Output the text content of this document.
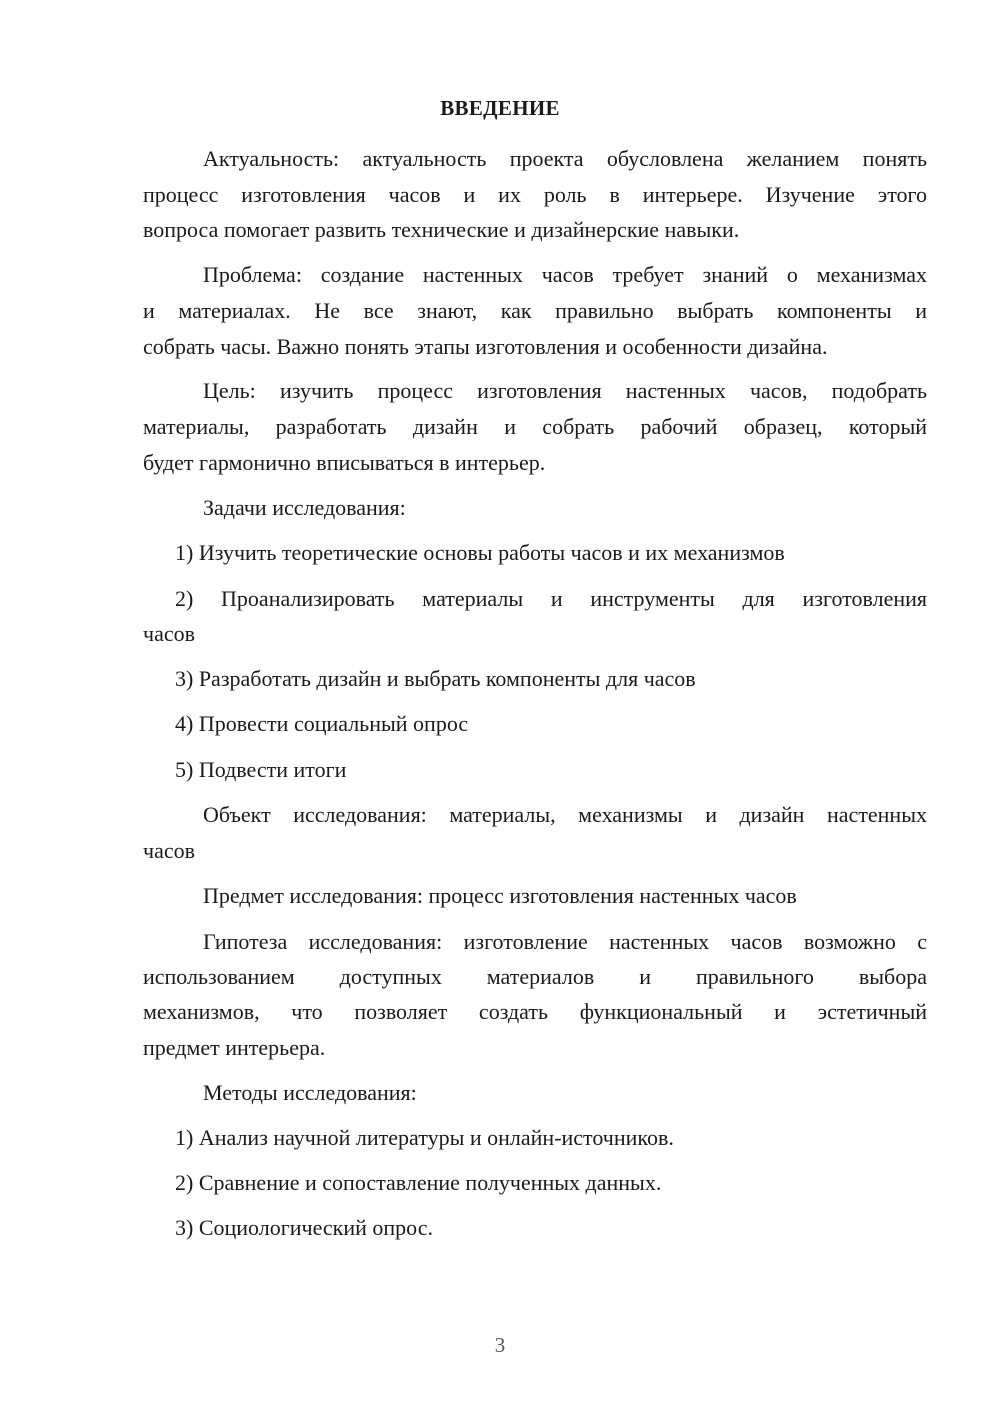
ВВЕДЕНИЕ
Актуальность: актуальность проекта обусловлена желанием понять
процесс изготовления часов и их роль в интерьере. Изучение этого
вопроса помогает развить технические и дизайнерские навыки.
Проблема: создание настенных часов требует знаний о механизмах
и материалах. Не все знают, как правильно выбрать компоненты и
собрать часы. Важно понять этапы изготовления и особенности дизайна.
Цель: изучить процесс изготовления настенных часов, подобрать
материалы, разработать дизайн и собрать рабочий образец, который
будет гармонично вписываться в интерьер.
Задачи исследования:
1) Изучить теоретические основы работы часов и их механизмов
2) Проанализировать материалы и инструменты для изготовления
часов
3) Разработать дизайн и выбрать компоненты для часов
4) Провести социальный опрос
5) Подвести итоги
Объект исследования: материалы, механизмы и дизайн настенных
часов
Предмет исследования: процесс изготовления настенных часов
Гипотеза исследования: изготовление настенных часов возможно с
использованием доступных материалов и правильного выбора
механизмов, что позволяет создать функциональный и эстетичный
предмет интерьера.
Методы исследования:
1) Анализ научной литературы и онлайн-источников.
2) Сравнение и сопоставление полученных данных.
3) Социологический опрос.
3
